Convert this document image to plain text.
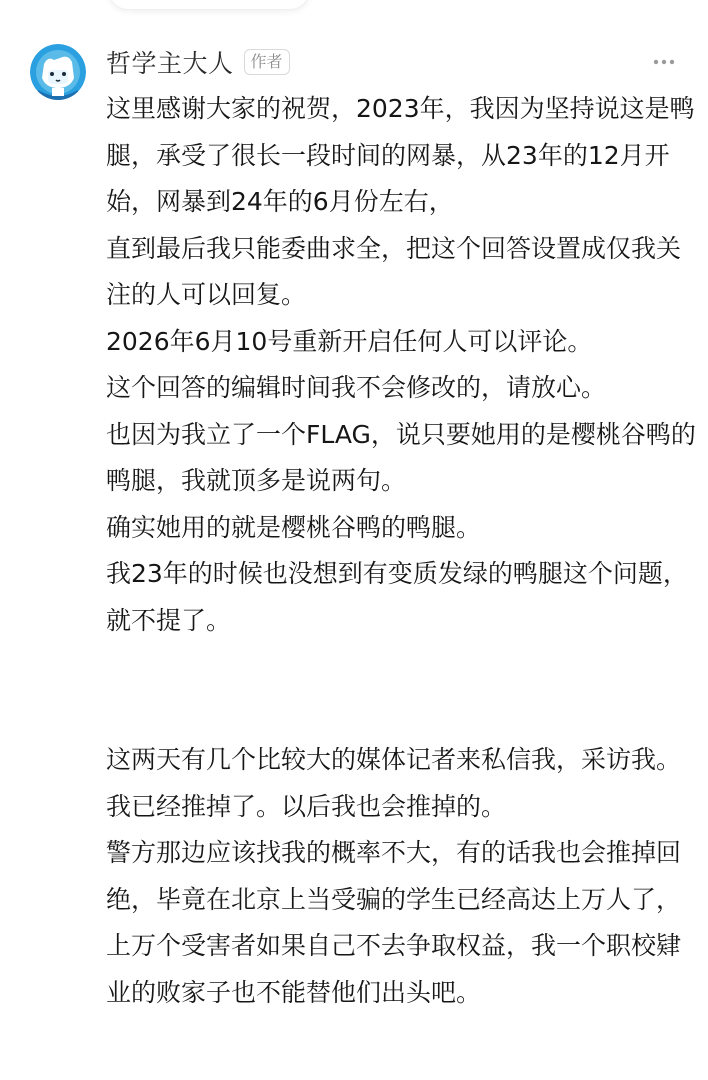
哲学主大人	作者

这里感谢大家的祝贺，2023年，我因为坚持说这是鸭腿，承受了很长一段时间的网暴，从23年的12月开始，网暴到24年的6月份左右，

直到最后我只能委曲求全，把这个回答设置成仅我关注的人可以回复。

2026年6月10号重新开启任何人可以评论。

这个回答的编辑时间我不会修改的，请放心。

也因为我立了一个FLAG，说只要她用的是樱桃谷鸭的鸭腿，我就顶多是说两句。

确实她用的就是樱桃谷鸭的鸭腿。

我23年的时候也没想到有变质发绿的鸭腿这个问题，就不提了。

这两天有几个比较大的媒体记者来私信我，采访我。

我已经推掉了。以后我也会推掉的。

警方那边应该找我的概率不大，有的话我也会推掉回绝，毕竟在北京上当受骗的学生已经高达上万人了，上万个受害者如果自己不去争取权益，我一个职校肄业的败家子也不能替他们出头吧。
